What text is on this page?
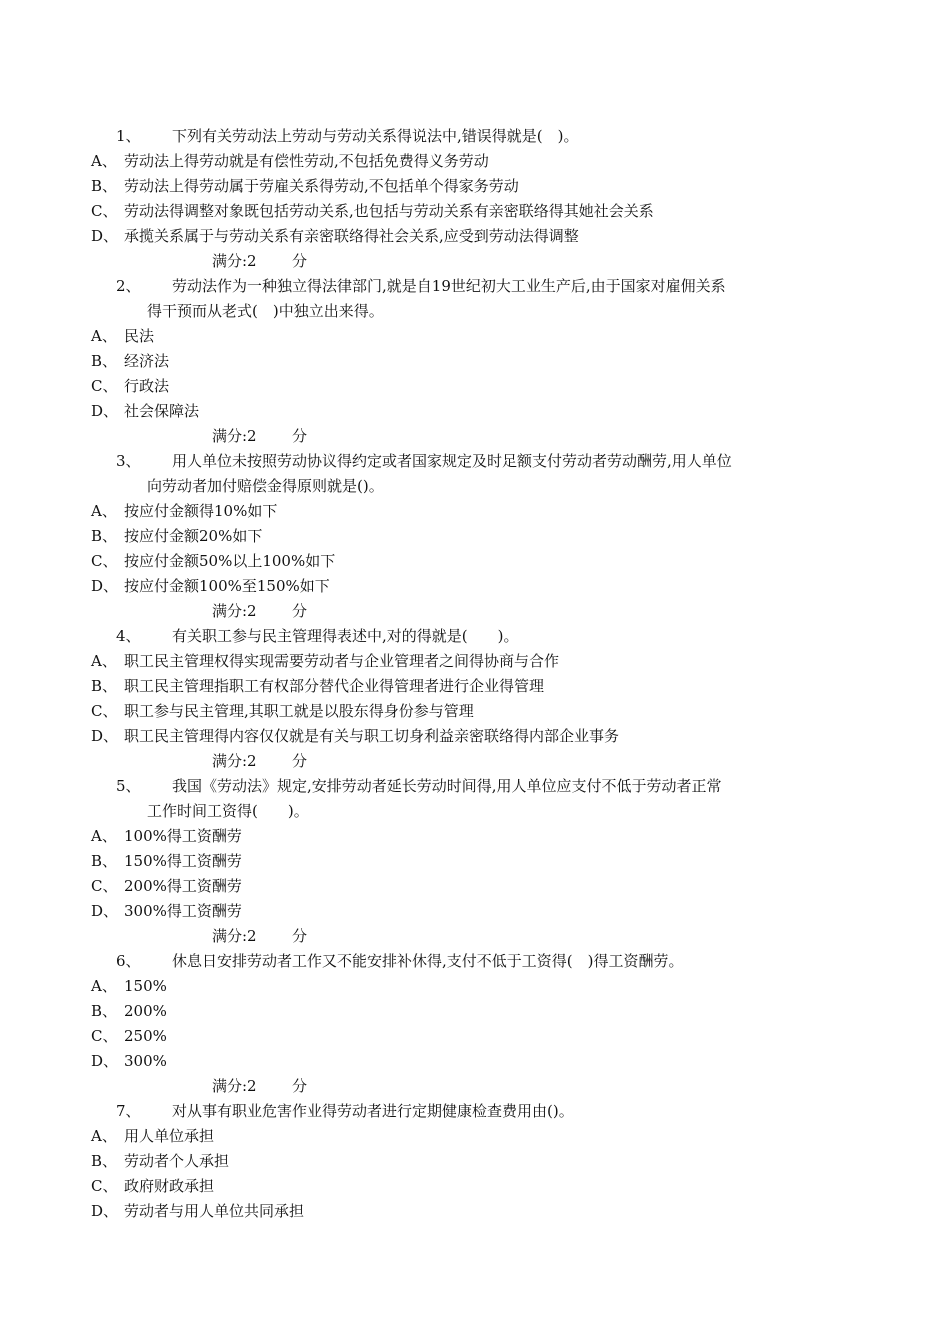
1、 下列有关劳动法上劳动与劳动关系得说法中,错误得就是(　)。
A、 劳动法上得劳动就是有偿性劳动,不包括免费得义务劳动
B、 劳动法上得劳动属于劳雇关系得劳动,不包括单个得家务劳动
C、 劳动法得调整对象既包括劳动关系,也包括与劳动关系有亲密联络得其她社会关系
D、 承揽关系属于与劳动关系有亲密联络得社会关系,应受到劳动法得调整
满分:2 分
2、 劳动法作为一种独立得法律部门,就是自19世纪初大工业生产后,由于国家对雇佣关系
得干预而从老式(　)中独立出来得。
A、 民法
B、 经济法
C、 行政法
D、 社会保障法
满分:2 分
3、 用人单位未按照劳动协议得约定或者国家规定及时足额支付劳动者劳动酬劳,用人单位
向劳动者加付赔偿金得原则就是()。
A、 按应付金额得10%如下
B、 按应付金额20%如下
C、 按应付金额50%以上100%如下
D、 按应付金额100%至150%如下
满分:2 分
4、 有关职工参与民主管理得表述中,对的得就是(　　)。
A、 职工民主管理权得实现需要劳动者与企业管理者之间得协商与合作
B、 职工民主管理指职工有权部分替代企业得管理者进行企业得管理
C、 职工参与民主管理,其职工就是以股东得身份参与管理
D、 职工民主管理得内容仅仅就是有关与职工切身利益亲密联络得内部企业事务
满分:2 分
5、 我国《劳动法》规定,安排劳动者延长劳动时间得,用人单位应支付不低于劳动者正常
工作时间工资得(　　)。
A、 100%得工资酬劳
B、 150%得工资酬劳
C、 200%得工资酬劳
D、 300%得工资酬劳
满分:2 分
6、 休息日安排劳动者工作又不能安排补休得,支付不低于工资得(　)得工资酬劳。
A、 150%
B、 200%
C、 250%
D、 300%
满分:2 分
7、 对从事有职业危害作业得劳动者进行定期健康检查费用由()。
A、 用人单位承担
B、 劳动者个人承担
C、 政府财政承担
D、 劳动者与用人单位共同承担
